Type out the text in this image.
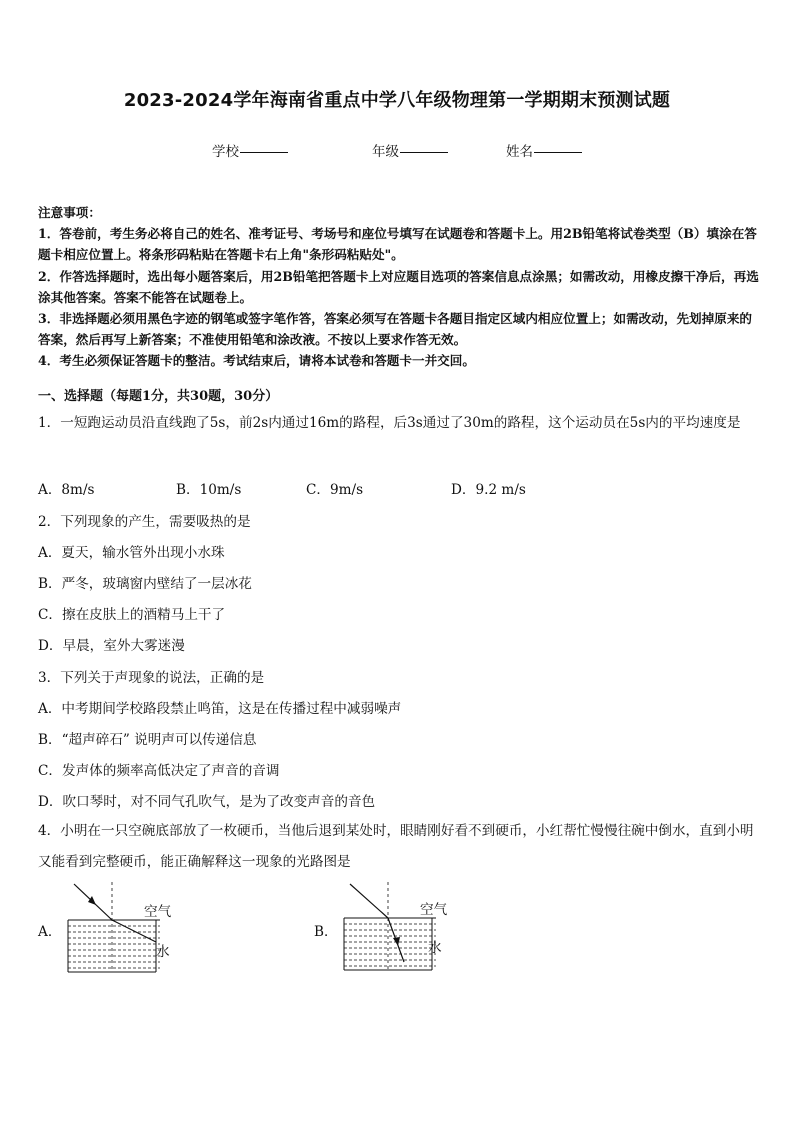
2023-2024学年海南省重点中学八年级物理第一学期期末预测试题
学校	年级	姓名
注意事项：

1．答卷前，考生务必将自己的姓名、准考证号、考场号和座位号填写在试题卷和答题卡上。用2B铅笔将试卷类型（B）填涂在答题卡相应位置上。将条形码粘贴在答题卡右上角"条形码粘贴处"。

2．作答选择题时，选出每小题答案后，用2B铅笔把答题卡上对应题目选项的答案信息点涂黑；如需改动，用橡皮擦干净后，再选涂其他答案。答案不能答在试题卷上。

3．非选择题必须用黑色字迹的钢笔或签字笔作答，答案必须写在答题卡各题目指定区域内相应位置上；如需改动，先划掉原来的答案，然后再写上新答案；不准使用铅笔和涂改液。不按以上要求作答无效。

4．考生必须保证答题卡的整洁。考试结束后，请将本试卷和答题卡一并交回。

一、选择题（每题1分，共30题，30分）
1．一短跑运动员沿直线跑了5s，前2s内通过16m的路程，后3s通过了30m的路程，这个运动员在5s内的平均速度是
A．8m/s	B．10m/s	C．9m/s	D．9.2 m/s
2．下列现象的产生，需要吸热的是
A．夏天，输水管外出现小水珠
B．严冬，玻璃窗内壁结了一层冰花
C．擦在皮肤上的酒精马上干了
D．早晨，室外大雾迷漫
3．下列关于声现象的说法，正确的是
A．中考期间学校路段禁止鸣笛，这是在传播过程中减弱噪声
B．“超声碎石” 说明声可以传递信息
C．发声体的频率高低决定了声音的音调
D．吹口琴时，对不同气孔吹气，是为了改变声音的音色
4．小明在一只空碗底部放了一枚硬币，当他后退到某处时，眼睛刚好看不到硬币，小红帮忙慢慢往碗中倒水，直到小明又能看到完整硬币，能正确解释这一现象的光路图是
A．
空气
水
B．
空气
水
